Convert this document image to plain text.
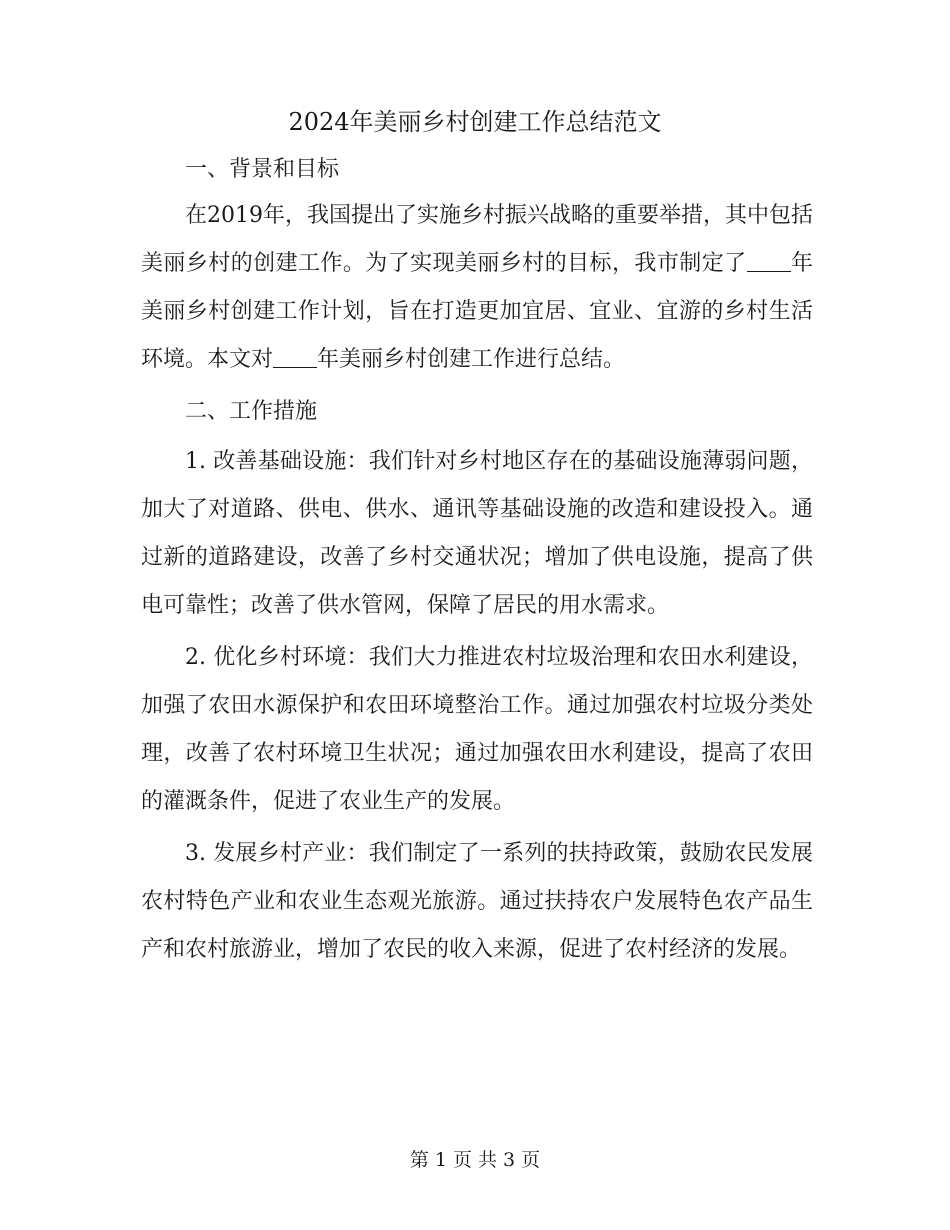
2024年美丽乡村创建工作总结范文

一、背景和目标

在2019年，我国提出了实施乡村振兴战略的重要举措，其中包括美丽乡村的创建工作。为了实现美丽乡村的目标，我市制定了 年美丽乡村创建工作计划，旨在打造更加宜居、宜业、宜游的乡村生活环境。本文对 年美丽乡村创建工作进行总结。

二、工作措施

1. 改善基础设施：我们针对乡村地区存在的基础设施薄弱问题，加大了对道路、供电、供水、通讯等基础设施的改造和建设投入。通过新的道路建设，改善了乡村交通状况；增加了供电设施，提高了供电可靠性；改善了供水管网，保障了居民的用水需求。

2. 优化乡村环境：我们大力推进农村垃圾治理和农田水利建设，加强了农田水源保护和农田环境整治工作。通过加强农村垃圾分类处理，改善了农村环境卫生状况；通过加强农田水利建设，提高了农田的灌溉条件，促进了农业生产的发展。

3. 发展乡村产业：我们制定了一系列的扶持政策，鼓励农民发展农村特色产业和农业生态观光旅游。通过扶持农户发展特色农产品生产和农村旅游业，增加了农民的收入来源，促进了农村经济的发展。

第 1 页 共 3 页
